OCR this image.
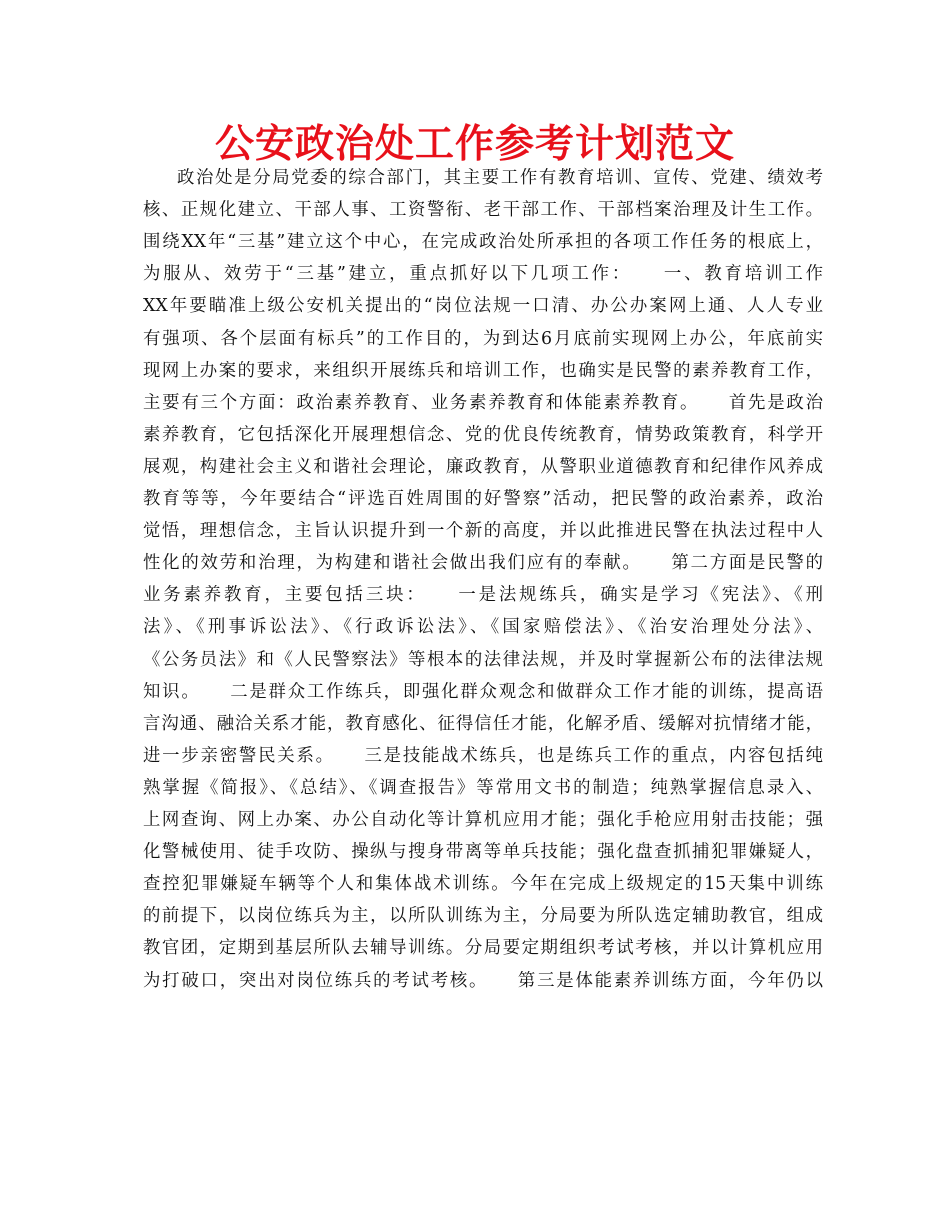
公安政治处工作参考计划范文
政治处是分局党委的综合部门，其主要工作有教育培训、宣传、党建、绩效考
核、正规化建立、干部人事、工资警衔、老干部工作、干部档案治理及计生工作。
围绕XX年“三基”建立这个中心，在完成政治处所承担的各项工作任务的根底上，
为服从、效劳于“三基”建立，重点抓好以下几项工作：　　一、教育培训工作
XX年要瞄准上级公安机关提出的“岗位法规一口清、办公办案网上通、人人专业
有强项、各个层面有标兵”的工作目的，为到达6月底前实现网上办公，年底前实
现网上办案的要求，来组织开展练兵和培训工作，也确实是民警的素养教育工作，
主要有三个方面：政治素养教育、业务素养教育和体能素养教育。　　首先是政治
素养教育，它包括深化开展理想信念、党的优良传统教育，情势政策教育，科学开
展观，构建社会主义和谐社会理论，廉政教育，从警职业道德教育和纪律作风养成
教育等等，今年要结合“评选百姓周围的好警察”活动，把民警的政治素养，政治
觉悟，理想信念，主旨认识提升到一个新的高度，并以此推进民警在执法过程中人
性化的效劳和治理，为构建和谐社会做出我们应有的奉献。　　第二方面是民警的
业务素养教育，主要包括三块：　　一是法规练兵，确实是学习《宪法》、《刑
法》、《刑事诉讼法》、《行政诉讼法》、《国家赔偿法》、《治安治理处分法》、
《公务员法》和《人民警察法》等根本的法律法规，并及时掌握新公布的法律法规
知识。　　二是群众工作练兵，即强化群众观念和做群众工作才能的训练，提高语
言沟通、融洽关系才能，教育感化、征得信任才能，化解矛盾、缓解对抗情绪才能，
进一步亲密警民关系。　　三是技能战术练兵，也是练兵工作的重点，内容包括纯
熟掌握《简报》、《总结》、《调查报告》等常用文书的制造；纯熟掌握信息录入、
上网查询、网上办案、办公自动化等计算机应用才能；强化手枪应用射击技能；强
化警械使用、徒手攻防、操纵与搜身带离等单兵技能；强化盘查抓捕犯罪嫌疑人，
查控犯罪嫌疑车辆等个人和集体战术训练。今年在完成上级规定的15天集中训练
的前提下，以岗位练兵为主，以所队训练为主，分局要为所队选定辅助教官，组成
教官团，定期到基层所队去辅导训练。分局要定期组织考试考核，并以计算机应用
为打破口，突出对岗位练兵的考试考核。　　第三是体能素养训练方面，今年仍以
